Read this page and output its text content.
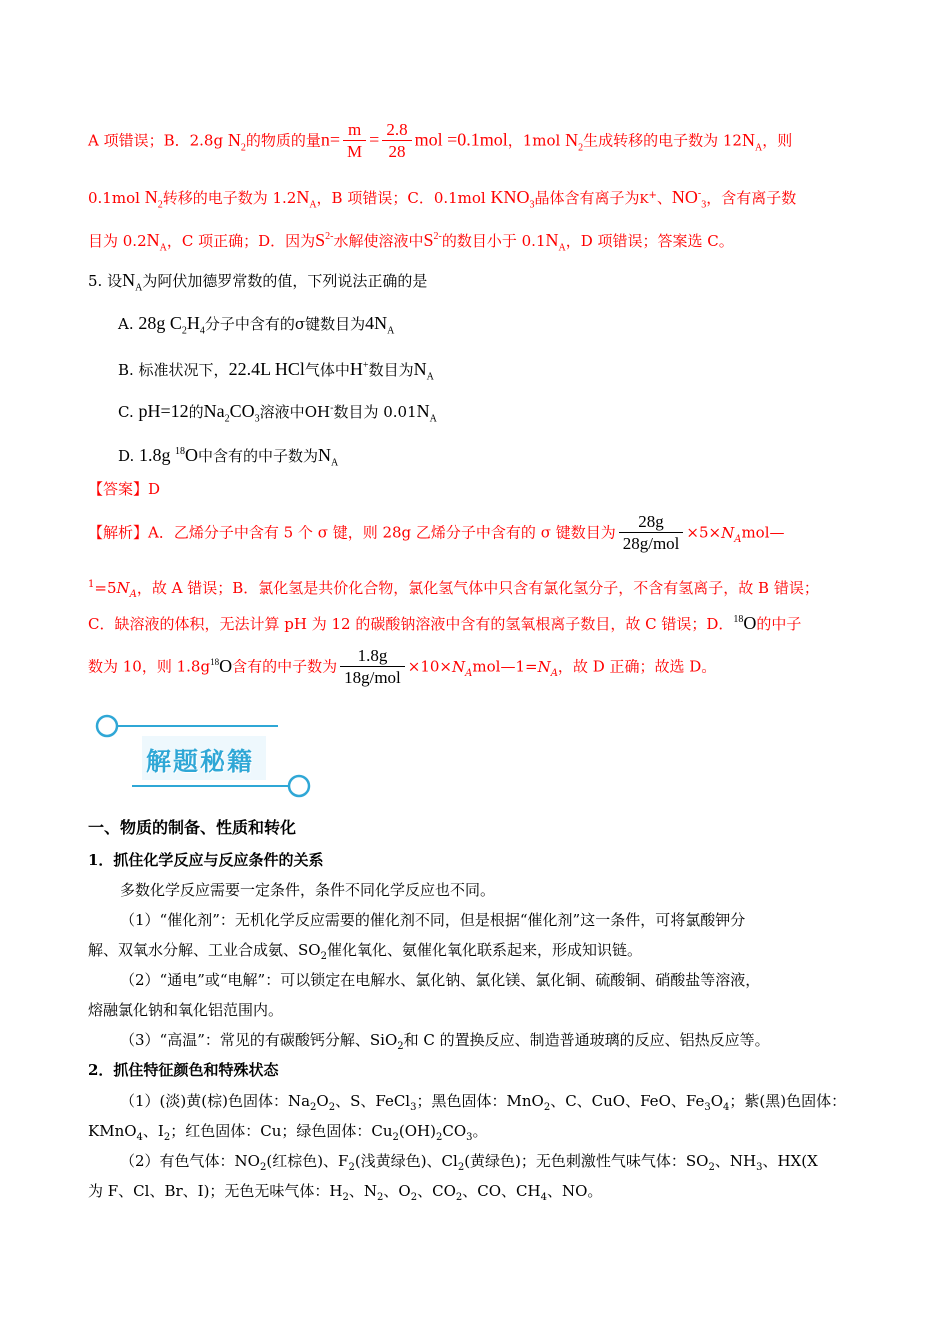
A 项错误；B．2.8g $N_2$的物质的量$n= \frac{m}{M} = \frac{2.8}{28}$ mol =0.1mol，1mol $N_2$生成转移的电子数为 $12N_A$，则
0.1mol $N_2$转移的电子数为 $1.2N_A$，B 项错误；C．0.1mol $KNO_3$晶体含有离子为K+、$NO^-_3$，含有离子数
目为 $0.2N_A$，C 项正确；D．因为$S^{2-}$水解使溶液中$S^{2-}$的数目小于 $0.1N_A$，D 项错误；答案选 C。
5. 设$N_A$为阿伏加德罗常数的值，下列说法正确的是
A. 28g $C_2H_4$分子中含有的σ键数目为$4N_A$
B. 标准状况下，22.4L HCl气体中H+数目为$N_A$
C. pH=12的$Na_2CO_3$溶液中OH-数目为 $0.01N_A$
D. 1.8g $^{18}$O中含有的中子数为$N_A$
【答案】D
【解析】A．乙烯分子中含有 5 个 σ 键，则 28g 乙烯分子中含有的 σ 键数目为 $\frac{28g}{\text{28g/mol}}$ $\times 5\times N_Amol—$
$^1=5N_A$，故 A 错误；B．氯化氢是共价化合物，氯化氢气体中只含有氯化氢分子，不含有氢离子，故 B 错误；
C．缺溶液的体积，无法计算 pH 为 12 的碳酸钠溶液中含有的氢氧根离子数目，故 C 错误；D．$^{18}$O的中子
数为 10，则 $1.8g^{18}O$含有的中子数为 $\frac{1.8g}{\text{18g/mol}}$ $\times 10\times N_Amol—1=N_A$，故 D 正确；故选 D。
解题秘籍
一、物质的制备、性质和转化
1．抓住化学反应与反应条件的关系
多数化学反应需要一定条件，条件不同化学反应也不同。
（1）“催化剂”：无机化学反应需要的催化剂不同，但是根据“催化剂”这一条件，可将氯酸钾分
解、双氧水分解、工业合成氨、$SO_2$催化氧化、氨催化氧化联系起来，形成知识链。
（2）“通电”或“电解”：可以锁定在电解水、氯化钠、氯化镁、氯化铜、硫酸铜、硝酸盐等溶液，
熔融氯化钠和氧化铝范围内。
（3）“高温”：常见的有碳酸钙分解、SiO$_2$和 C 的置换反应、制造普通玻璃的反应、铝热反应等。
2．抓住特征颜色和特殊状态
（1）(淡)黄(棕)色固体：$Na_2O_2$、S、FeCl$_3$；黑色固体：MnO$_2$、C、CuO、FeO、$Fe_3O_4$；紫(黑)色固体：
KMnO$_4$、$I_2$；红色固体：Cu；绿色固体：$Cu_2(OH)_2CO_3$。
（2）有色气体：$NO_2$(红棕色)、$F_2$(浅黄绿色)、$Cl_2$(黄绿色)；无色刺激性气味气体：$SO_2$、$NH_3$、HX(X
为 F、Cl、Br、I)；无色无味气体：$H_2$、$N_2$、$O_2$、$CO_2$、CO、$CH_4$、NO。
